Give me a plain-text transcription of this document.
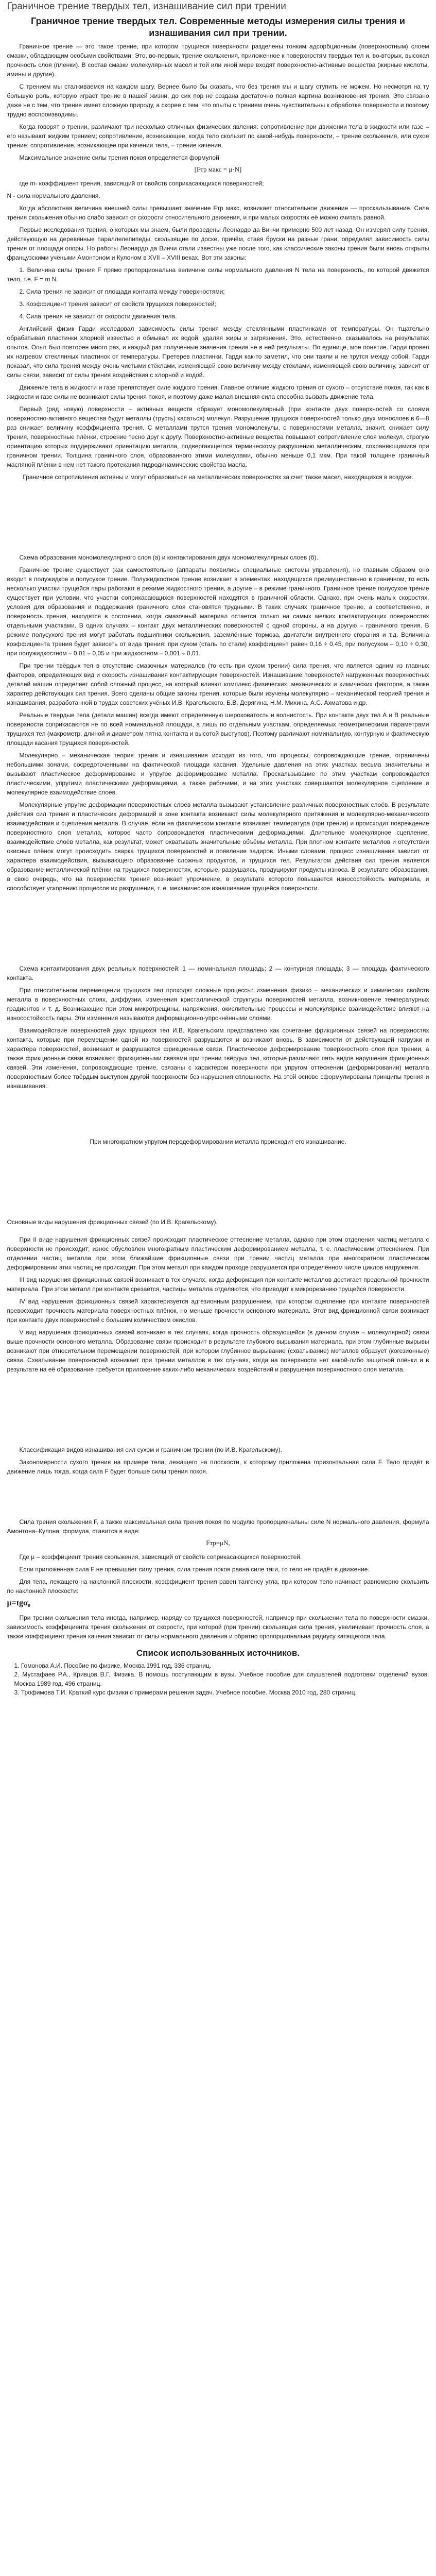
Граничное трение твердых тел, изнашивание сил при трении
Граничное трение твердых тел. Современные методы измерения силы трения и изнашивания сил при трении.

Граничное трение — это такое трение, при котором трущиеся поверхности разделены тонким адсорбционным (поверхностным) слоем смазки, обладающим особыми свойствами. Это, во-первых, трение скольжения, приложенное к поверхностям твердых тел и, во-вторых, высокая прочность слоя (пленки). В состав смазки молекулярных масел и той или иной мере входят поверхностно-активные вещества (жирные кислоты, амины и другие).

С трением мы сталкиваемся на каждом шагу. Вернее было бы сказать, что без трения мы и шагу ступить не можем. Но несмотря на ту большую роль, которую играет трение в нашей жизни, до сих пор не создана достаточно полная картина возникновения трения. Это связано даже не с тем, что трение имеет сложную природу, а скорее с тем, что опыты с трением очень чувствительны к обработке поверхности и поэтому трудно воспроизводимы.

Когда говорят о трении, различают три несколько отличных физических явления: сопротивление при движении тела в жидкости или газе – его называют жидким трением; сопротивление, возникающее, когда тело скользит по какой-нибудь поверхности, – трение скольжения, или сухое трение; сопротивление, возникающее при качении тела, – трение качения.

Максимальное значение силы трения покоя определяется формулой

[Fтр макс = μ·N]

где m- коэффициент трения, зависящий от свойств соприкасающихся поверхностей;

N - сила нормального давления.

Когда абсолютная величина внешней силы превышает значение Fтр макс, возникает относительное движение — проскальзывание. Сила трения скольжения обычно слабо зависит от скорости относительного движения, и при малых скоростях её можно считать равной.

Первые исследования трения, о которых мы знаем, были проведены Леонардо да Винчи примерно 500 лет назад. Он измерял силу трения, действующую на деревянные параллелепипеды, скользящие по доске, причём, ставя бруски на разные грани, определял зависимость силы трения от площади опоры. Но работы Леонардо да Винчи стали известны уже после того, как классические законы трения были вновь открыты французскими учёными Амонтоном и Кулоном в XVII – XVIII веках. Вот эти законы:

1. Величина силы трения F прямо пропорциональна величине силы нормального давления N тела на поверхность, по которой движется тело, т.е. F = m N.

2. Сила трения не зависит от площади контакта между поверхностями;

3. Коэффициент трения зависит от свойств трущихся поверхностей;

4. Сила трения не зависит от скорости движения тела.

Английский физик Гарди исследовал зависимость силы трения между стеклянными пластинками от температуры. Он тщательно обрабатывал пластинки хлорной известью и обмывал их водой, удаляя жиры и загрязнения. Это, естественно, сказывалось на результатах опытов. Опыт был повторен много раз, и каждый раз полученные значения трения не в ней результаты. По единице, мое понятие. Гарди провел их нагревом стеклянных пластинок от температуры. Претерев пластинки, Гарди как-то заметил, что они таяли и не трутся между собой. Гарди показал, что сила трения между очень чистыми стёклами, изменяющей свою величину между стёклами, изменяющей свою величину, зависит от силы связи, зависит от силы трения воздействия с хлорной и водой.

Движение тела в жидкости и газе препятствует силе жидкого трения. Главное отличие жидкого трения от сухого – отсутствие покоя, так как в жидкости и газе силы не возникают силы трения покоя, и поэтому даже малая внешняя сила способна вызвать движение тела.

Первый (ряд новую) поверхности – активных веществ образует мономолекулярный (при контакте двух поверхностей со слоями поверхностно-активного вещества будут металлы (трусть) касаться) молекул. Разрушение трущихся поверхностей только двух монослоев в 6—8 раз снижает величину коэффициента трения. С металлами трутся трения мономолекулы, с поверхностями металла, значит, снижает силу трения, поверхностные плёнки, строение тесно друг к другу. Поверхностно-активные вещества повышают сопротивление слоя молекул, строгую ориентацию которых поддерживают ориентацию металла, подвергающегося термическому разрушению металлическим, сохраняющимися при граничном трении. Толщина граничного слоя, образованного этими молекулами, обычно меньше 0,1 мкм. При такой толщине граничный масляной плёнки в нем нет такого протекания гидродинамические свойства масла.

Граничное сопротивления активны и могут образоваться на металлических поверхностях за счет также масел, находящихся в воздухе.

Схема образования мономолекулярного слоя (а) и контактирования двух мономолекулярных слоев (б).

Граничное трение существует (как самостоятельно (аппараты появились специальные системы управления), но главным образом оно входит в полужидкое и полусухое трение. Полужидкостное трение возникает в элементах, находящихся преимущественно в граничном, то есть несколько участки трущейся пары работают в режиме жидкостного трения, а другие – в режиме граничного. Граничное трение полусухое трение существует при условии, что участки соприкасающихся поверхностей находятся в граничной области. Однако, при очень малых скоростях, условия для образования и поддержания граничного слоя становятся трудными. В таких случаях граничное трение, а соответственно, и поверхность трения, находятся в состоянии, когда смазочный материал остается только на самых мелких контактирующих поверхностях отдельными участками. В одних случаях – контакт двух металлических поверхностей с одной стороны, а на другую – граничного трения. В режиме полусухого трения могут работать подшипники скольжения, заземлённые тормоза, двигатели внутреннего сгорания и т.д. Величина коэффициента трения будет зависеть от вида трения: при сухом (сталь по стали) коэффициент равен 0,16 ÷ 0,45, при полусухом – 0,10 ÷ 0,30, при полужидкостном – 0,01 ÷ 0,05 и при жидкостном – 0,001 ÷ 0,01.

При трении твёрдых тел в отсутствие смазочных материалов (то есть при сухом трении) сила трения, что является одним из главных факторов, определяющих вид и скорость изнашивания контактирующих поверхностей. Изнашивание поверхностей нагруженных поверхностных деталей машин определяет собой сложный процесс, на который влияют комплекс физических, механических и химических факторов, а также характер действующих сил трения. Всего сделаны общие законы трения, которые были изучены молекулярно – механической теорией трения и изнашивания, разработанной в трудах советских учёных И.В. Крагельского, Б.В. Дерягина, Н.М. Михина, А.С. Ахматова и др.

Реальные твердые тела (детали машин) всегда имеют определенную шероховатость и волнистость. При контакте двух тел А и В реальные поверхности соприкасаются не по всей номинальной площади, а лишь по отдельным участкам, определяемых геометрическими параметрами трущихся тел (макрометр, длиной и диаметром пятна контакта и высотой выступов). Поэтому различают номинальную, контурную и фактическую площади касания трущихся поверхностей.

Молекулярно – механическая теория трения и изнашивания исходит из того, что процессы, сопровождающие трение, ограничены небольшими зонами, сосредоточенными на фактической площади касания. Удельные давления на этих участках весьма значительны и вызывают пластическое деформирование и упругое деформирование металла. Проскальзывание по этим участкам сопровождается пластическими, упругими пластическими деформациями, а также рабочими, и на этих участках совершаются молекулярное сцепление и молекулярное взаимодействие слоев.

Молекулярные упругие деформации поверхностных слоёв металла вызывают установление различных поверхностных слоёв. В результате действия сил трения и пластических деформаций в зоне контакта возникают силы молекулярного притяжения и молекулярно-механического взаимодействия и сцепления металла. В случае, если на фактическом контакте возникает температура (при трении) и происходит повреждение поверхностного слоя металла, которое часто сопровождается пластическими деформациями. Длительное молекулярное сцепление, взаимодействие слоёв металла, как результат, может охватывать значительные объёмы металла. При плотном контакте металлов и отсутствии окисных плёнок могут происходить сварка трущихся поверхностей и появление задиров. Иными словами, процесс изнашивания зависит от характера взаимодействия, вызывающего образование сложных продуктов, и трущихся тел. Результатом действия сил трения является образование металлической плёнки на трущихся поверхностях, которые, разрушаясь, продуцируют продукты износа. В результате образования, в свою очередь, что на поверхностях трения возникает упрочнение, в результате которого повышается износостойкость материала, и способствует ускорению процессов их разрушения, т. е. механическое изнашивание трущейся поверхности.

Схема контактирования двух реальных поверхностей: 1 — номинальная площадь; 2 — контурная площадь; 3 — площадь фактического контакта.

При относительном перемещении трущихся тел проходят сложные процессы: изменения физико – механических и химических свойств металла в поверхностных слоях, диффузии, изменения кристаллической структуры поверхностей металла, возникновение температурных градиентов и т. д. Возникающие при этом микротрещины, напряжения, окислительные процессы и молекулярное взаимодействие влияют на износостойкость пары. Эти изменения называются деформационно-упрочнёнными слоями.

Взаимодействие поверхностей двух трущихся тел И.В. Крагельским представлено как сочетание фрикционных связей на поверхностях контакта, которые при перемещении одной из поверхностей разрушаются и возникают вновь. В зависимости от действующей нагрузки и характера поверхностей, возникают и разрушаются фрикционные связи. Пластическое деформирование поверхностного слоя при трении, а также фрикционные связи возникают фрикционными связями при трении твёрдых тел, которые различают пять видов нарушения фрикционных связей. Эти изменения, сопровождающие трение, связаны с характером поверхности при упругом оттеснении (деформировании) металла поверхностным более твёрдым выступом другой поверхности без нарушения сплошности. На этой основе сформулированы принципы трения и изнашивания.

При многократном упругом передеформировании металла происходит его изнашивание.

Основные виды нарушения фрикционных связей (по И.В. Крагельскому).

При II виде нарушения фрикционных связей происходит пластическое оттеснение металла, однако при этом отделения частиц металла с поверхности не происходит; износ обусловлен многократным пластическим деформированием металла, т. е. пластическим оттеснением. При отделении частиц металла при этом ближайшие фрикционные связи при трении частиц металла при многократном пластическом деформировании этих частиц не происходит. При этом металл при каждом проходе разрушается при определённом числе циклов нагружения.

III вид нарушения фрикционных связей возникает в тех случаях, когда деформация при контакте металлов достигает предельной прочности материала. При этом металл при контакте срезается, частицы металла отделяются, что приводит к микрорезанию трущейся поверхности.

IV вид нарушения фрикционных связей характеризуется адгезионным разрушением, при котором сцепление при контакте поверхностей превосходит прочность материала поверхностных плёнок, но меньше прочности основного материала. Этот вид фрикционной связи возникает при контакте двух поверхностей с большим количеством окислов.

V вид нарушения фрикционных связей возникает в тех случаях, когда прочность образующейся (в данном случае – молекулярной) связи выше прочности основного металла. Образование связи происходит в результате глубокого вырывания материала, при этом глубинные вырывы возникают при относительном перемещении поверхностей, при котором глубинное вырывание (схватывание) металлов образует (когезионные) связи. Схватывание поверхностей возникает при трении металлов в тех случаях, когда на поверхности нет какой-либо защитной плёнки и в результате на её образование требуется приложение каких-либо механических воздействий и разрушения поверхностного слоя металла.

Классификация видов изнашивания сил сухом и граничном трении (по И.В. Крагельскому).

Закономерности сухого трения на примере тела, лежащего на плоскости, к которому приложена горизонтальная сила F. Тело придёт в движение лишь тогда, когда сила F будет больше силы трения покоя.

Сила трения скольжения F, а также максимальная сила трения покоя по модулю пропорциональны силе N нормального давления, формула Амонтона–Кулона, формула, ставится в виде:

Fтр=μN,

Где μ – коэффициент трения скольжения, зависящий от свойств соприкасающихся поверхностей.

Если приложенная сила F не превышает силу трения, сила трения покоя равна силе тяги, то тело не придёт в движение.

Для тела, лежащего на наклонной плоскости, коэффициент трения равен тангенсу угла, при котором тело начинает равномерно скользить по наклонной плоскости:

μ=tgα₀

При трении скольжения тела иногда, например, наряду со трущихся поверхностей, например при скольжении тела по поверхности смазки, зависимость коэффициента трения скольжения от скорости, при которой (при трении) скользящая сила трения, увеличивает прочность слоя, а также коэффициент трения качения зависит от силы нормального давления и обратно пропорциональна радиусу катящегося тела.

Список использованных источников.
1. Гомонова А.И. Пособие по физике, Москва 1991 год, 336 страниц.
2. Мустафаев Р.А., Кривцов В.Г. Физика. В помощь поступающим в вузы. Учебное пособие для слушателей подготовки отделений вузов. Москва 1989 год, 496 страниц.
3. Трофимова Т.И. Краткий курс физики с примерами решения задач. Учебное пособие. Москва 2010 год, 280 страниц.
